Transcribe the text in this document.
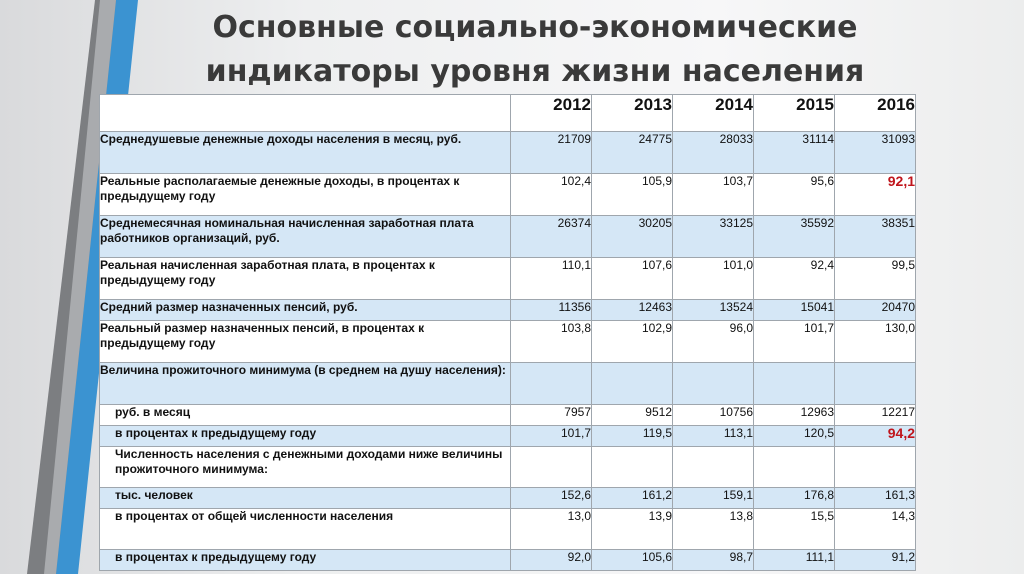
Основные социально-экономические индикаторы уровня жизни населения
	2012	2013	2014	2015	2016
Среднедушевые денежные доходы населения в месяц, руб.	21709	24775	28033	31114	31093
Реальные располагаемые денежные доходы, в процентах к предыдущему году	102,4	105,9	103,7	95,6	92,1
Среднемесячная номинальная начисленная заработная плата работников организаций, руб.	26374	30205	33125	35592	38351
Реальная начисленная заработная плата, в процентах к предыдущему году	110,1	107,6	101,0	92,4	99,5
Средний размер назначенных пенсий, руб.	11356	12463	13524	15041	20470
Реальный размер назначенных пенсий, в процентах к предыдущему году	103,8	102,9	96,0	101,7	130,0
Величина прожиточного минимума (в среднем на душу населения):					
руб. в месяц	7957	9512	10756	12963	12217
в процентах к предыдущему году	101,7	119,5	113,1	120,5	94,2
Численность населения с денежными доходами ниже величины прожиточного минимума:					
тыс. человек	152,6	161,2	159,1	176,8	161,3
в процентах от общей численности населения	13,0	13,9	13,8	15,5	14,3
в процентах к предыдущему году	92,0	105,6	98,7	111,1	91,2
